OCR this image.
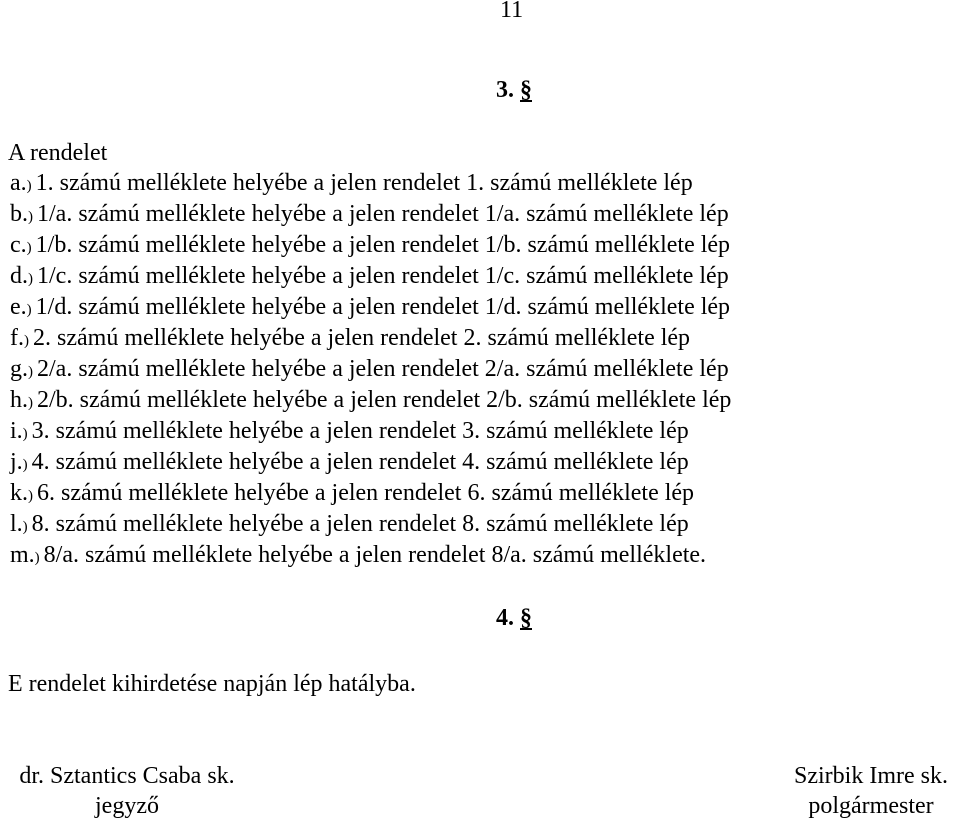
11
3. §
A rendelet
a.) 1. számú melléklete helyébe a jelen rendelet 1. számú melléklete lép
b.) 1/a. számú melléklete helyébe a jelen rendelet 1/a. számú melléklete lép
c.) 1/b. számú melléklete helyébe a jelen rendelet 1/b. számú melléklete lép
d.) 1/c. számú melléklete helyébe a jelen rendelet 1/c. számú melléklete lép
e.) 1/d. számú melléklete helyébe a jelen rendelet 1/d. számú melléklete lép
f.) 2. számú melléklete helyébe a jelen rendelet 2. számú melléklete lép
g.) 2/a. számú melléklete helyébe a jelen rendelet 2/a. számú melléklete lép
h.) 2/b. számú melléklete helyébe a jelen rendelet 2/b. számú melléklete lép
i.) 3. számú melléklete helyébe a jelen rendelet 3. számú melléklete lép
j.) 4. számú melléklete helyébe a jelen rendelet 4. számú melléklete lép
k.) 6. számú melléklete helyébe a jelen rendelet 6. számú melléklete lép
l.) 8. számú melléklete helyébe a jelen rendelet 8. számú melléklete lép
m.) 8/a. számú melléklete helyébe a jelen rendelet 8/a. számú melléklete.
4. §
E rendelet kihirdetése napján lép hatályba.
dr. Sztantics Csaba sk.
jegyző
Szirbik Imre sk.
polgármester
